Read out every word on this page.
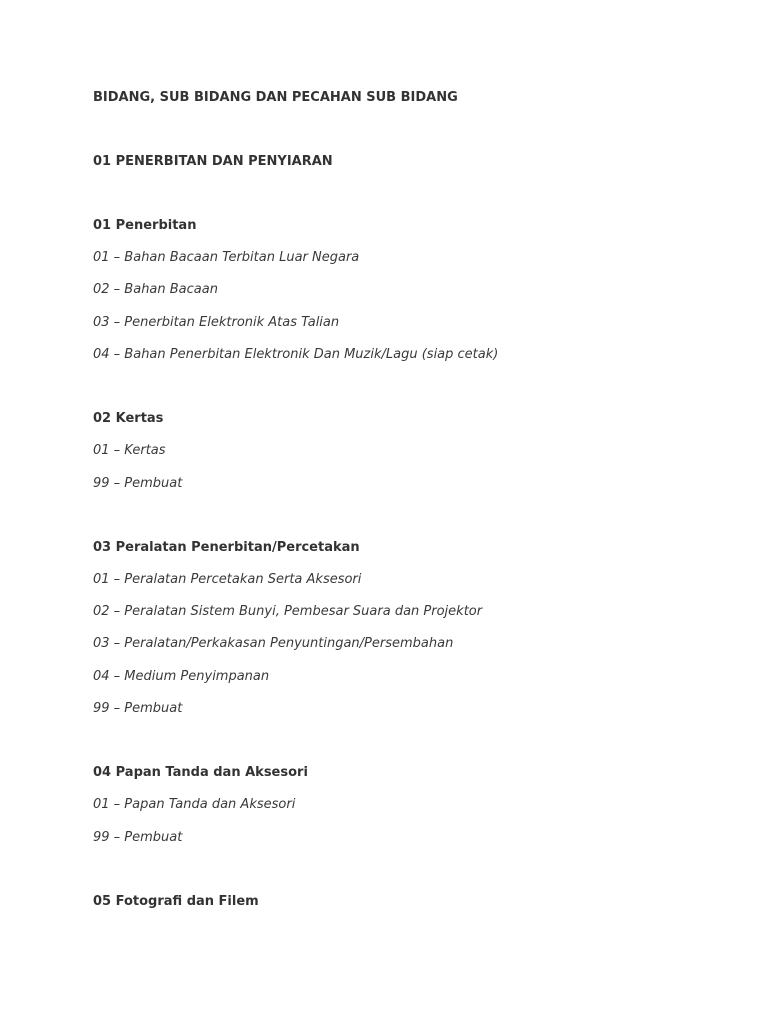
BIDANG, SUB BIDANG DAN PECAHAN SUB BIDANG
01 PENERBITAN DAN PENYIARAN
01 Penerbitan
01 – Bahan Bacaan Terbitan Luar Negara
02 – Bahan Bacaan
03 – Penerbitan Elektronik Atas Talian
04 – Bahan Penerbitan Elektronik Dan Muzik/Lagu (siap cetak)
02 Kertas
01 – Kertas
99 – Pembuat
03 Peralatan Penerbitan/Percetakan
01 – Peralatan Percetakan Serta Aksesori
02 – Peralatan Sistem Bunyi, Pembesar Suara dan Projektor
03 – Peralatan/Perkakasan Penyuntingan/Persembahan
04 – Medium Penyimpanan
99 – Pembuat
04 Papan Tanda dan Aksesori
01 – Papan Tanda dan Aksesori
99 – Pembuat
05 Fotografi dan Filem
